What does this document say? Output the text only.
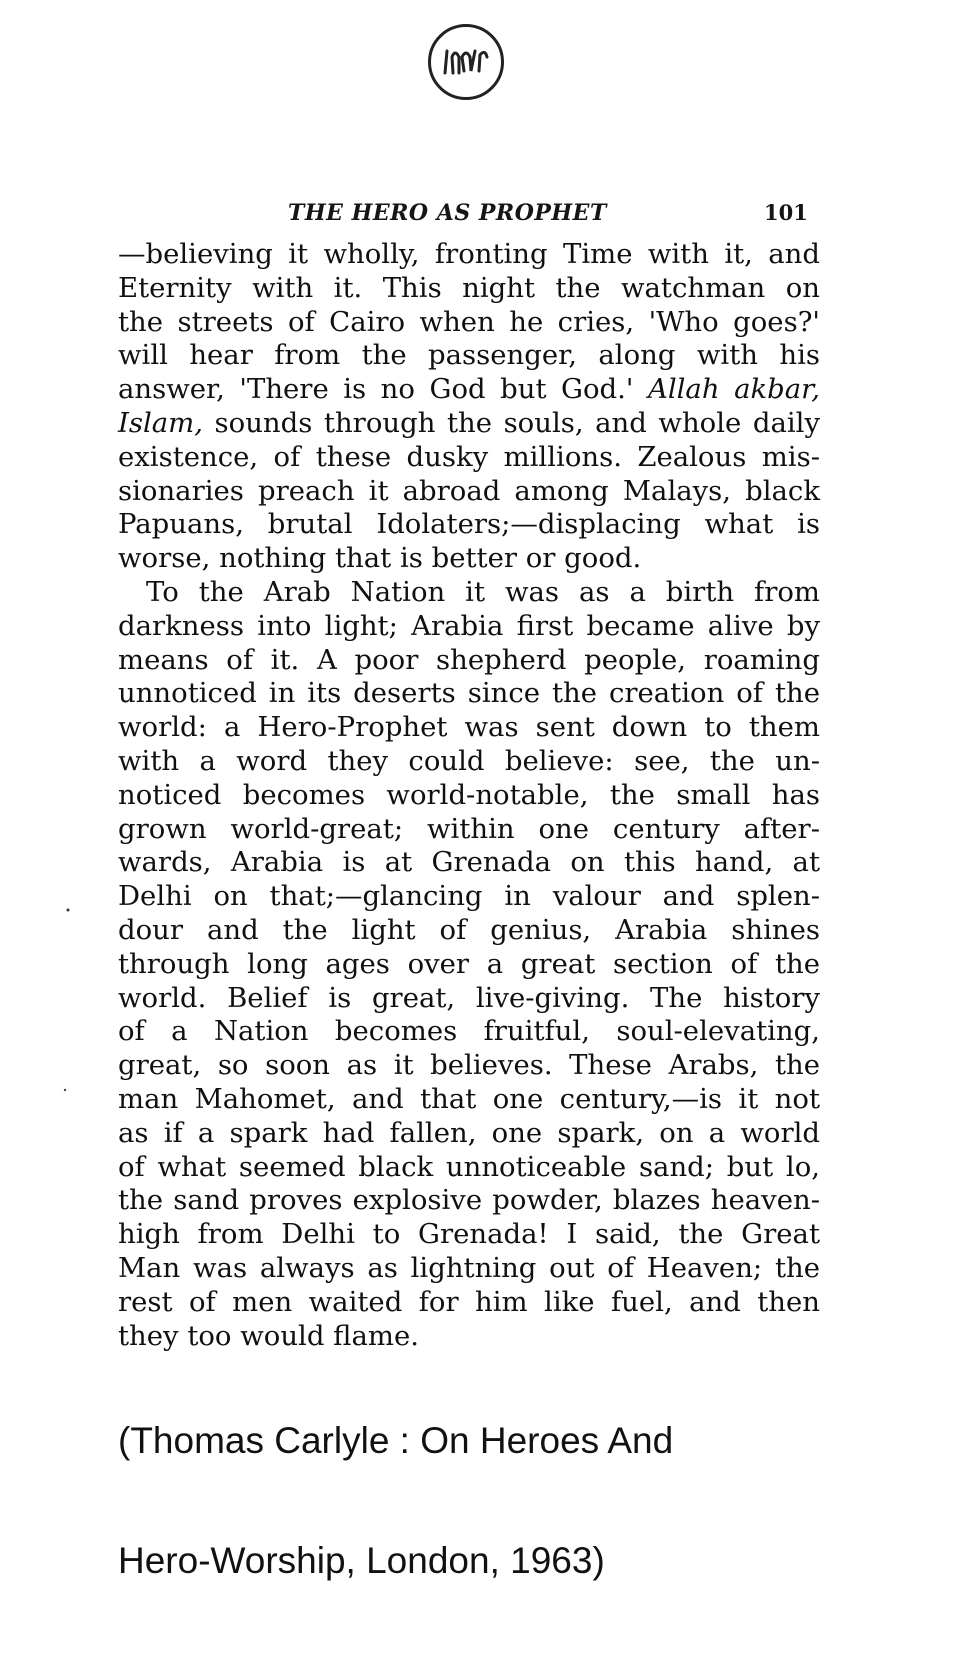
THE HERO AS PROPHET	101
—believing it wholly, fronting Time with it, and
Eternity with it. This night the watchman on
the streets of Cairo when he cries, 'Who goes?'
will hear from the passenger, along with his
answer, 'There is no God but God.' Allah akbar,
Islam, sounds through the souls, and whole daily
existence, of these dusky millions. Zealous mis-
sionaries preach it abroad among Malays, black
Papuans, brutal Idolaters;—displacing what is
worse, nothing that is better or good.
To the Arab Nation it was as a birth from
darkness into light; Arabia first became alive by
means of it. A poor shepherd people, roaming
unnoticed in its deserts since the creation of the
world: a Hero-Prophet was sent down to them
with a word they could believe: see, the un-
noticed becomes world-notable, the small has
grown world-great; within one century after-
wards, Arabia is at Grenada on this hand, at
Delhi on that;—glancing in valour and splen-
dour and the light of genius, Arabia shines
through long ages over a great section of the
world. Belief is great, live-giving. The history
of a Nation becomes fruitful, soul-elevating,
great, so soon as it believes. These Arabs, the
man Mahomet, and that one century,—is it not
as if a spark had fallen, one spark, on a world
of what seemed black unnoticeable sand; but lo,
the sand proves explosive powder, blazes heaven-
high from Delhi to Grenada! I said, the Great
Man was always as lightning out of Heaven; the
rest of men waited for him like fuel, and then
they too would flame.
(Thomas Carlyle : On Heroes And
Hero-Worship, London, 1963)
